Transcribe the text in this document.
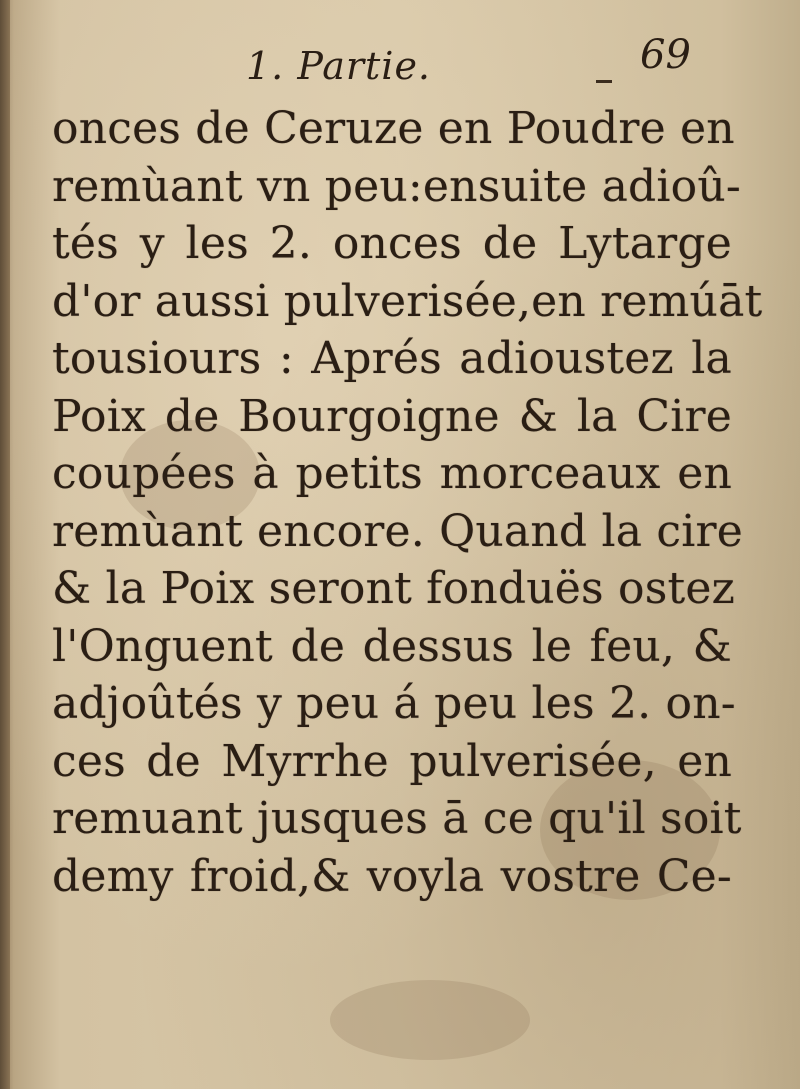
1. Partie.	69
onces de Ceruze en Poudre en
remùant vn peu:ensuite adioû-
tés y les 2. onces de Lytarge
d'or aussi pulverisée,en remúāt
tousiours : Aprés adioustez la
Poix de Bourgoigne & la Cire
coupées à petits morceaux en
remùant encore. Quand la cire
& la Poix seront fonduës ostez
l'Onguent de dessus le feu, &
adjoûtés y peu á peu les 2. on-
ces de Myrrhe pulverisée, en
remuant jusques ā ce qu'il soit
demy froid,& voyla vostre Ce-
